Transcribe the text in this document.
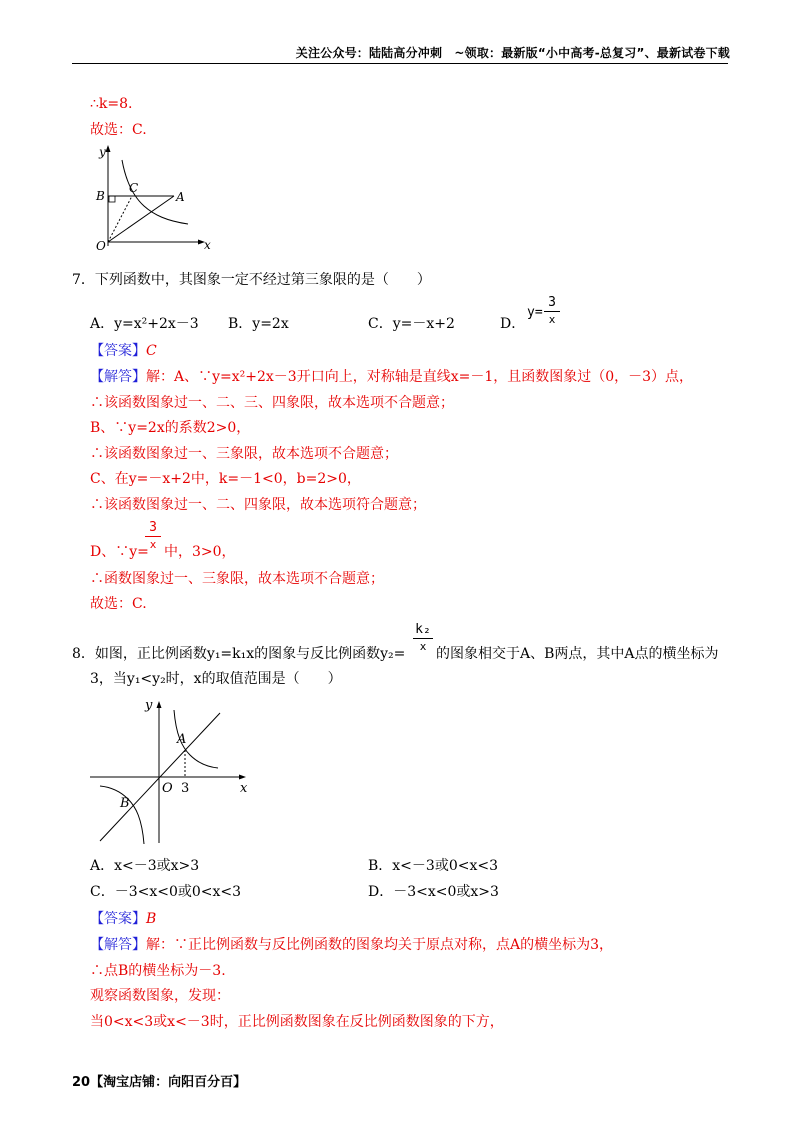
关注公众号：陆陆高分冲刺　~领取：最新版“小中高考-总复习”、最新试卷下载
∴k=8.
故选：C.
y
x
O
B
C
A
7．下列函数中，其图象一定不经过第三象限的是（　　）
A．y=x²+2x－3 B．y=2x	C．y=－x+2	D．
y=
3
x
【答案】C
【解答】解：A、∵y=x²+2x－3开口向上，对称轴是直线x=－1，且函数图象过（0，－3）点，
∴该函数图象过一、二、三、四象限，故本选项不合题意；
B、∵y=2x的系数2>0，
∴该函数图象过一、三象限，故本选项不合题意；
C、在y=－x+2中，k=－1<0，b=2>0，
∴该函数图象过一、二、四象限，故本选项符合题意；
D、∵y=
3
x 中，3>0，
∴函数图象过一、三象限，故本选项不合题意；
故选：C.
8．如图，正比例函数y₁=k₁x的图象与反比例函数y₂=
k₂
x 的图象相交于A、B两点，其中A点的横坐标为
3，当y₁<y₂时，x的取值范围是（　　）
y
x
O 3
A
B
A．x<－3或x>3	B．x<－3或0<x<3
C．－3<x<0或0<x<3	D．－3<x<0或x>3
【答案】B
【解答】解：∵正比例函数与反比例函数的图象均关于原点对称，点A的横坐标为3，
∴点B的横坐标为－3.
观察函数图象，发现：
当0<x<3或x<－3时，正比例函数图象在反比例函数图象的下方，
20【淘宝店铺：向阳百分百】
